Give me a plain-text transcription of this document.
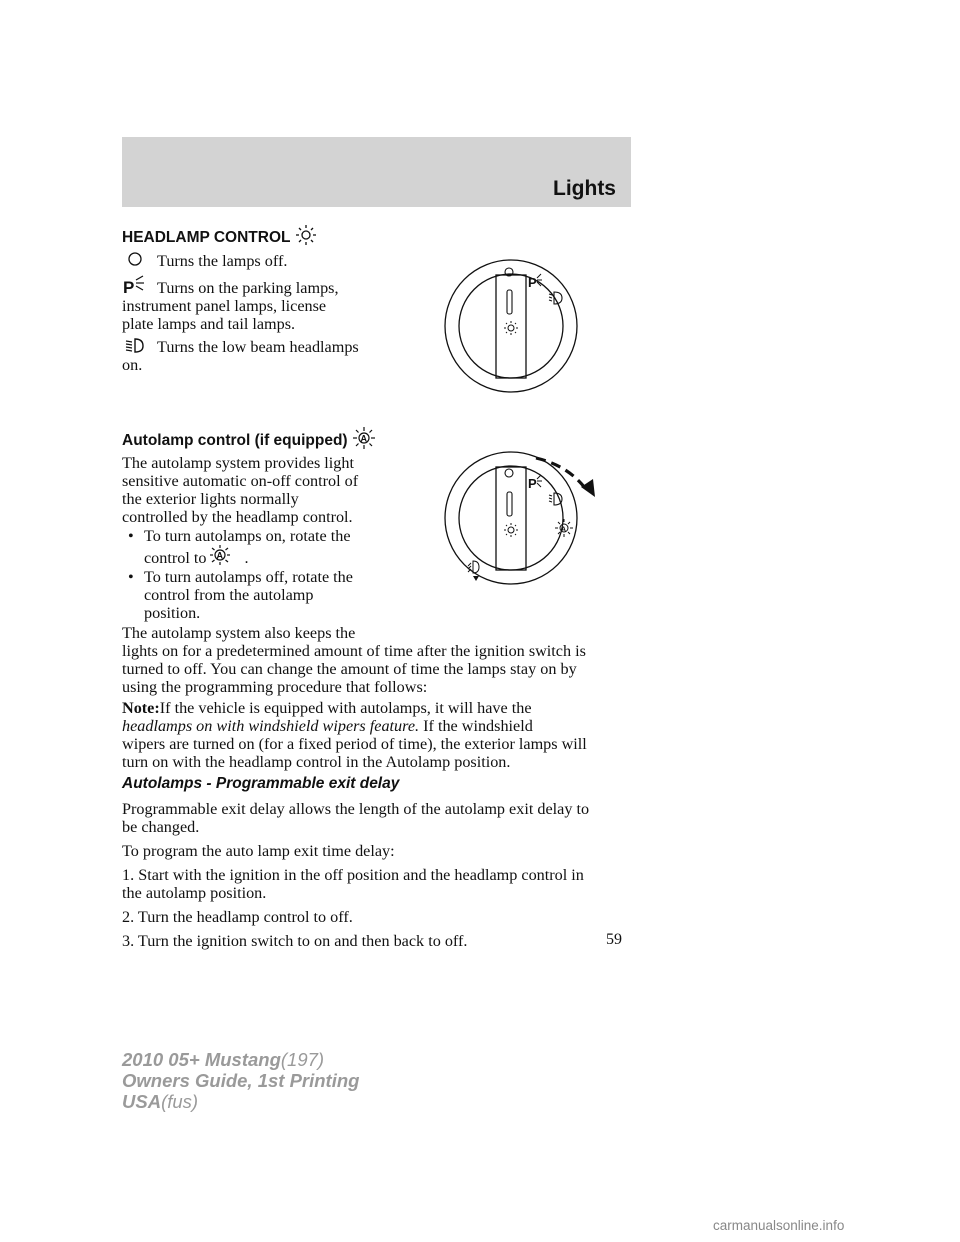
Lights
HEADLAMP CONTROL

Turns the lamps off.

P Turns on the parking lamps,

instrument panel lamps, license

plate lamps and tail lamps.

Turns the low beam headlamps

on.

P
Autolamp control (if equipped) A

The autolamp system provides light

sensitive automatic on-off control of

the exterior lights normally

controlled by the headlamp control.

• To turn autolamps on, rotate the

control to A .

• To turn autolamps off, rotate the

control from the autolamp

position.

The autolamp system also keeps the

lights on for a predetermined amount of time after the ignition switch is

turned to off. You can change the amount of time the lamps stay on by

using the programming procedure that follows:

Note:If the vehicle is equipped with autolamps, it will have the

headlamps on with windshield wipers feature. If the windshield

wipers are turned on (for a fixed period of time), the exterior lamps will

turn on with the headlamp control in the Autolamp position.

Autolamps - Programmable exit delay

Programmable exit delay allows the length of the autolamp exit delay to

be changed.

To program the auto lamp exit time delay:

1. Start with the ignition in the off position and the headlamp control in

the autolamp position.

2. Turn the headlamp control to off.

3. Turn the ignition switch to on and then back to off.

P
A
59
2010 05+ Mustang(197)
Owners Guide, 1st Printing
USA(fus)
carmanualsonline.info
